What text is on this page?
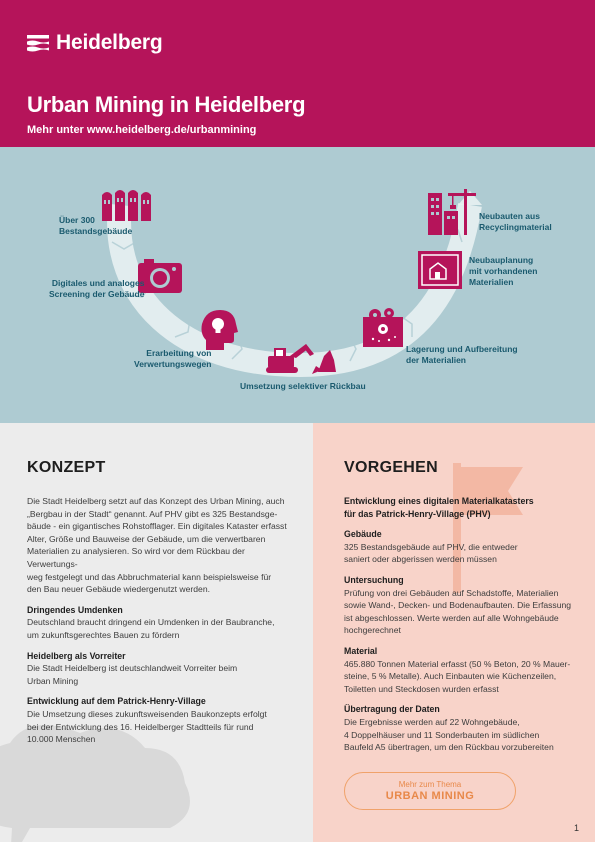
Heidelberg
Urban Mining in Heidelberg
Mehr unter www.heidelberg.de/urbanmining
Über 300
Bestandsgebäude
Digitales und analoges
Screening der Gebäude
Erarbeitung von
Verwertungswegen
Umsetzung selektiver Rückbau
Lagerung und Aufbereitung
der Materialien
Neubauplanung
mit vorhandenen
Materialien
Neubauten aus
Recyclingmaterial
KONZEPT
Die Stadt Heidelberg setzt auf das Konzept des Urban Mining, auch
„Bergbau in der Stadt“ genannt. Auf PHV gibt es 325 Bestandsge-
bäude - ein gigantisches Rohstofflager. Ein digitales Kataster erfasst
Alter, Größe und Bauweise der Gebäude, um die verwertbaren
Materialien zu analysieren. So wird vor dem Rückbau der Verwertungs-
weg festgelegt und das Abbruchmaterial kann beispielsweise für
den Bau neuer Gebäude wiedergenutzt werden.
Dringendes Umdenken
Deutschland braucht dringend ein Umdenken in der Baubranche,
um zukunftsgerechtes Bauen zu fördern
Heidelberg als Vorreiter
Die Stadt Heidelberg ist deutschlandweit Vorreiter beim
Urban Mining
Entwicklung auf dem Patrick-Henry-Village
Die Umsetzung dieses zukunftsweisenden Baukonzepts erfolgt
bei der Entwicklung des 16. Heidelberger Stadtteils für rund
10.000 Menschen
VORGEHEN
Entwicklung eines digitalen Materialkatasters
für das Patrick-Henry-Village (PHV)
Gebäude
325 Bestandsgebäude auf PHV, die entweder
saniert oder abgerissen werden müssen
Untersuchung
Prüfung von drei Gebäuden auf Schadstoffe, Materialien
sowie Wand-, Decken- und Bodenaufbauten. Die Erfassung
ist abgeschlossen. Werte werden auf alle Wohngebäude
hochgerechnet
Material
465.880 Tonnen Material erfasst (50 % Beton, 20 % Mauer-
steine, 5 % Metalle). Auch Einbauten wie Küchenzeilen,
Toiletten und Steckdosen wurden erfasst
Übertragung der Daten
Die Ergebnisse werden auf 22 Wohngebäude,
4 Doppelhäuser und 11 Sonderbauten im südlichen
Baufeld A5 übertragen, um den Rückbau vorzubereiten
Mehr zum Thema
URBAN MINING
1
